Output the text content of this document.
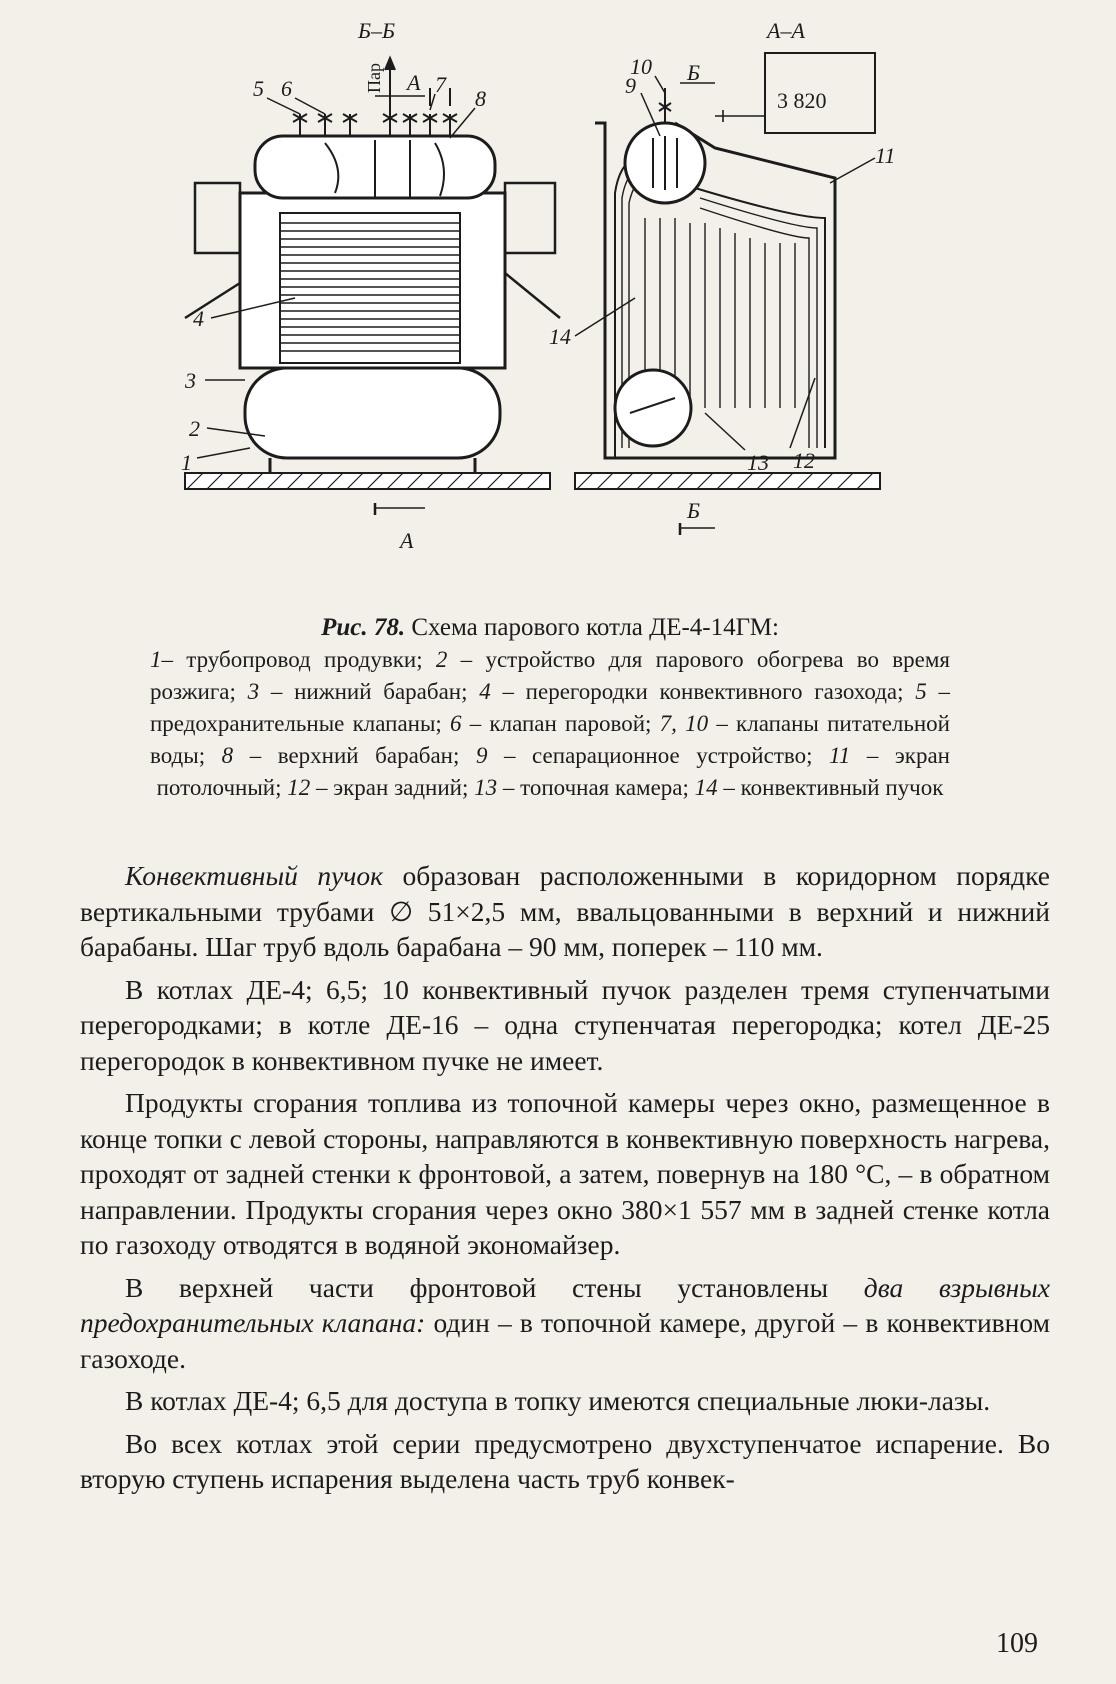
Б–Б	А–А
Пар А
А
Б
Б
3 820
1
2
3
4
5 6	7
8
9
10
11
12
13
14
Рис. 78. Схема парового котла ДЕ-4-14ГМ:
1– трубопровод продувки; 2 – устройство для парового обогрева во время розжига; 3 – нижний барабан; 4 – перегородки конвективного газохода; 5 – предохранительные клапаны; 6 – клапан паровой; 7, 10 – клапаны питательной воды; 8 – верхний барабан; 9 – сепарационное устройство; 11 – экран потолочный; 12 – экран задний; 13 – топочная камера; 14 – конвективный пучок

Конвективный пучок образован расположенными в коридорном порядке вертикальными трубами ∅ 51×2,5 мм, ввальцованными в верхний и нижний барабаны. Шаг труб вдоль барабана – 90 мм, поперек – 110 мм.

В котлах ДЕ-4; 6,5; 10 конвективный пучок разделен тремя ступенчатыми перегородками; в котле ДЕ-16 – одна ступенчатая перегородка; котел ДЕ-25 перегородок в конвективном пучке не имеет.

Продукты сгорания топлива из топочной камеры через окно, размещенное в конце топки с левой стороны, направляются в конвективную поверхность нагрева, проходят от задней стенки к фронтовой, а затем, повернув на 180 °С, – в обратном направлении. Продукты сгорания через окно 380×1 557 мм в задней стенке котла по газоходу отводятся в водяной экономайзер.

В верхней части фронтовой стены установлены два взрывных предохранительных клапана: один – в топочной камере, другой – в конвективном газоходе.

В котлах ДЕ-4; 6,5 для доступа в топку имеются специальные люки-лазы.

Во всех котлах этой серии предусмотрено двухступенчатое испарение. Во вторую ступень испарения выделена часть труб конвек-

109
